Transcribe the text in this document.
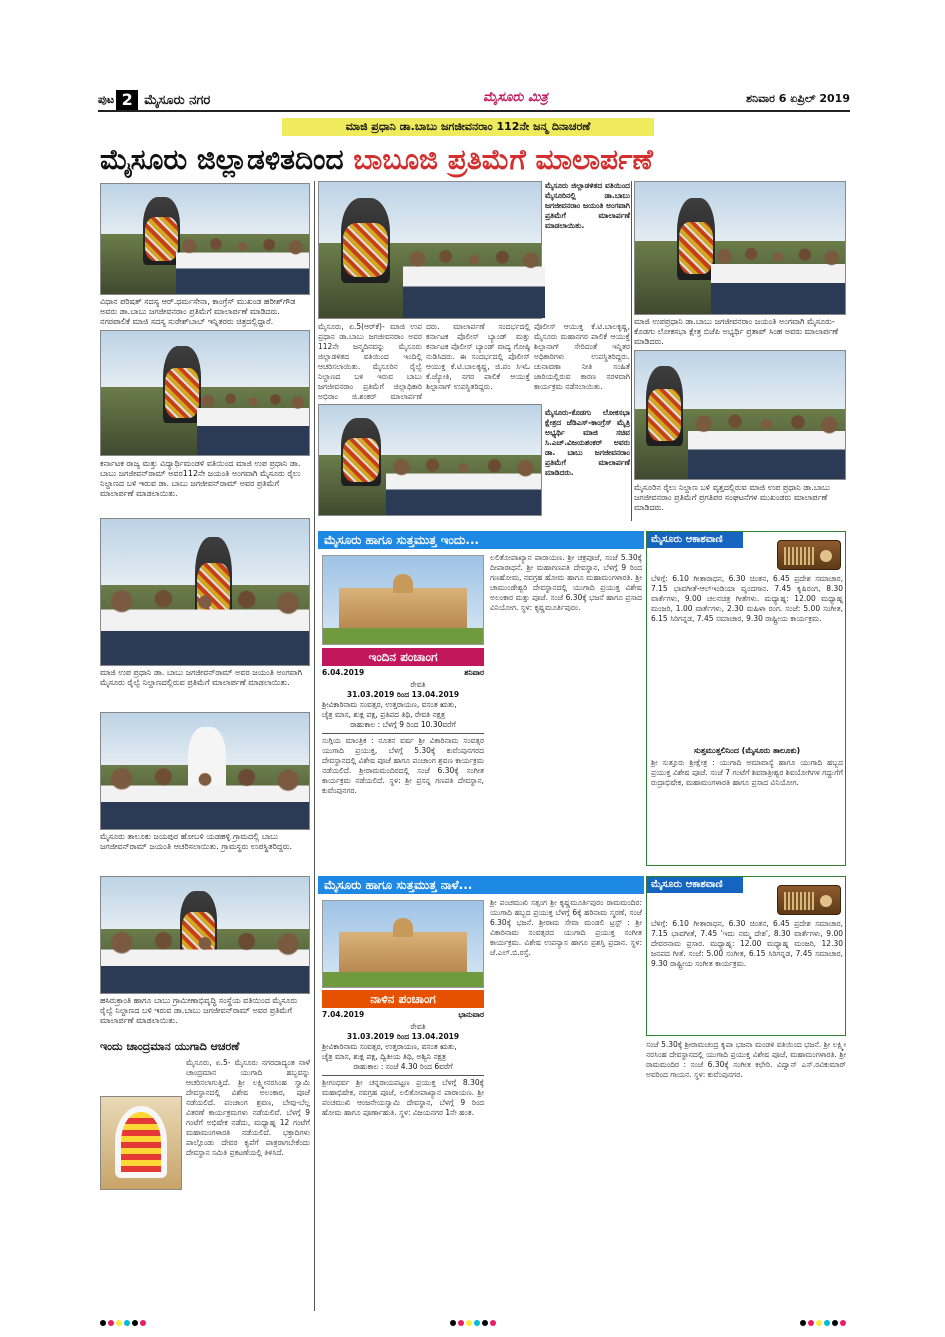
ಪುಟ 2 ಮೈಸೂರು ನಗರ	ಮೈಸೂರು ಮಿತ್ರ	ಶನಿವಾರ 6 ಏಪ್ರಿಲ್ 2019
ಮಾಜಿ ಪ್ರಧಾನಿ ಡಾ.ಬಾಬು ಜಗಜೀವನರಾಂ 112ನೇ ಜನ್ಮ ದಿನಾಚರಣೆ
ಮೈಸೂರು ಜಿಲ್ಲಾಡಳಿತದಿಂದ ಬಾಬೂಜಿ ಪ್ರತಿಮೆಗೆ ಮಾಲಾರ್ಪಣೆ
ವಿಧಾನ ಪರಿಷತ್ ಸದಸ್ಯ ಆರ್.ಧರ್ಮಸೇನಾ, ಕಾಂಗ್ರೆಸ್ ಮುಖಂಡ ಹರೀಶ್‌ಗೌಡ ಅವರು ಡಾ.ಬಾಬು ಜಗಜೀವನರಾಂ ಪ್ರತಿಮೆಗೆ ಮಾಲಾರ್ಪಣೆ ಮಾಡಿದರು. ನಗರಪಾಲಿಕೆ ಮಾಜಿ ಸದಸ್ಯ ಸುರೇಶ್‌ಬಾಬ್ ಇನ್ನಿತರರು ಚಿತ್ರದಲ್ಲಿದ್ದಾರೆ.
ಮೈಸೂರು ಜಿಲ್ಲಾಡಳಿತದ ವತಿಯಿಂದ ಮೈಸೂರಿನಲ್ಲಿ ಡಾ.ಬಾಬು ಜಗಜೀವನರಾಂ ಜಯಂತಿ ಅಂಗವಾಗಿ ಪ್ರತಿಮೆಗೆ ಮಾಲಾರ್ಪಣೆ ಮಾಡಲಾಯಿತು.
ಮಾಜಿ ಉಪಪ್ರಧಾನಿ ಡಾ.ಬಾಬು ಜಗಜೀವನರಾಂ ಜಯಂತಿ ಅಂಗವಾಗಿ ಮೈಸೂರು-ಕೊಡಗು ಲೋಕಸಭಾ ಕ್ಷೇತ್ರ ಬಿಜೆಪಿ ಅಭ್ಯರ್ಥಿ ಪ್ರತಾಪ್ ಸಿಂಹ ಅವರು ಮಾಲಾರ್ಪಣೆ ಮಾಡಿದರು.
ಕರ್ನಾಟಕ ರಾಜ್ಯ ಮತ್ತು ವಿದ್ಯಾರ್ಥಿಮಂಡಳಿ ವತಿಯಿಂದ ಮಾಜಿ ಉಪ ಪ್ರಧಾನಿ ಡಾ. ಬಾಬು ಜಗಜೀವನ್‌ರಾಮ್ ಅವರ112ನೇ ಜಯಂತಿ ಅಂಗವಾಗಿ ಮೈಸೂರು ರೈಲು ನಿಲ್ದಾಣದ ಬಳಿ ಇರುವ ಡಾ. ಬಾಬು ಜಗಜೀವನ್‌ರಾಮ್ ಅವರ ಪ್ರತಿಮೆಗೆ ಮಾಲಾರ್ಪಣೆ ಮಾಡಲಾಯಿತು.
ಮೈಸೂರು, ಏ.5(ಆರ್‌ಕೆ)- ಮಾಜಿ ಉಪ ಪ್ರಧಾನ ಡಾ.ಬಾಬು ಜಗಜೀವನರಾಂ ಅವರ 112ನೇ ಜನ್ಮದಿನವನ್ನು ಮೈಸೂರು ಜಿಲ್ಲಾಡಳಿತದ ವತಿಯಿಂದ ಇಂದಿಲ್ಲಿ ಆಚರಿಸಲಾಯಿತು. ಮೈಸೂರಿನ ರೈಲ್ವೆ ನಿಲ್ದಾಣದ ಬಳಿ ಇರುವ ಬಾಬು ಜಗಜೀವನರಾಂ ಪ್ರತಿಮೆಗೆ ಜಿಲ್ಲಾಧಿಕಾರಿ ಅಭಿರಾಂ ಜಿ.ಶಂಕರ್ ಮಾಲಾರ್ಪಣೆ
ದರು. ಮಾಲಾರ್ಪಣೆ ಸಂದರ್ಭದಲ್ಲಿ ಕರ್ನಾಟಕ ಪೊಲೀಸ್ ಬ್ಯಾಂಡ್ ಮತ್ತು ಕರ್ನಾಟಕ ಪೊಲೀಸ್ ಬ್ಯಾಂಡ್ ವಾದ್ಯ ಗೋಷ್ಠಿ ನುಡಿಸಿದರು. ಈ ಸಂದರ್ಭದಲ್ಲಿ ಪೊಲೀಸ್ ಆಯುಕ್ತ ಕೆ.ಟಿ.ಬಾಲಕೃಷ್ಣ, ಜಿ.ಪಂ ಸಿಇಓ ಕೆ.ಜ್ಯೋತಿ, ನಗರ ಪಾಲಿಕೆ ಆಯುಕ್ತೆ ಶಿಲ್ಪಾನಾಗ್ ಉಪಸ್ಥಿತರಿದ್ದರು.
ಪೊಲೀಸ್ ಆಯುಕ್ತ ಕೆ.ಟಿ.ಬಾಲಕೃಷ್ಣ, ಮೈಸೂರು ಮಹಾನಗರ ಪಾಲಿಕೆ ಆಯುಕ್ತೆ ಶಿಲ್ಪಾನಾಗ್ ಸೇರಿದಂತೆ ಇನ್ನಿತರ ಅಧಿಕಾರಿಗಳು ಉಪಸ್ಥಿತರಿದ್ದರು. ಚುನಾವಣಾ ನೀತಿ ಸಂಹಿತೆ ಜಾರಿಯಲ್ಲಿರುವ ಕಾರಣ ಸರಳವಾಗಿ ಕಾರ್ಯಕ್ರಮ ನಡೆಸಲಾಯಿತು.
ಮೈಸೂರು-ಕೊಡಗು ಲೋಕಸಭಾ ಕ್ಷೇತ್ರದ ಜೆಡಿಎಸ್-ಕಾಂಗ್ರೆಸ್ ಮೈತ್ರಿ ಅಭ್ಯರ್ಥಿ ಮಾಜಿ ಸಚಿವ ಸಿ.ಎಚ್.ವಿಜಯಶಂಕರ್ ಅವರು ಡಾ. ಬಾಬು ಜಗಜೀವನರಾಂ ಪ್ರತಿಮೆಗೆ ಮಾಲಾರ್ಪಣೆ ಮಾಡಿದರು.
ಮೈಸೂರಿನ ರೈಲು ನಿಲ್ದಾಣ ಬಳಿ ವೃತ್ತದಲ್ಲಿರುವ ಮಾಜಿ ಉಪ ಪ್ರಧಾನಿ ಡಾ.ಬಾಬು ಜಗಜೀವನರಾಂ ಪ್ರತಿಮೆಗೆ ಪ್ರಗತಿಪರ ಸಂಘಟನೆಗಳ ಮುಖಂಡರು ಮಾಲಾರ್ಪಣೆ ಮಾಡಿದರು.
ಮಾಜಿ ಉಪ ಪ್ರಧಾನಿ ಡಾ. ಬಾಬು ಜಗಜೀವನ್‌ರಾಮ್ ಅವರ ಜಯಂತಿ ಅಂಗವಾಗಿ ಮೈಸೂರು ರೈಲ್ವೆ ನಿಲ್ದಾಣದಲ್ಲಿರುವ ಪ್ರತಿಮೆಗೆ ಮಾಲಾರ್ಪಣೆ ಮಾಡಲಾಯಿತು.
ಮೈಸೂರು ತಾಲೂಕು ಜಯಪುರ ಹೋಬಳಿ ಯಡಹಳ್ಳಿ ಗ್ರಾಮದಲ್ಲಿ ಬಾಬು ಜಗಜೀವನ್‌ರಾಮ್ ಜಯಂತಿ ಆಚರಿಸಲಾಯಿತು. ಗ್ರಾಮಸ್ಥರು ಉಪಸ್ಥಿತರಿದ್ದರು.
ಹಸಿರುಕ್ರಾಂತಿ ಹಾಗೂ ಬಾಬು ಗ್ರಾಮೀಣಾಭಿವೃದ್ಧಿ ಸಂಸ್ಥೆಯ ವತಿಯಿಂದ ಮೈಸೂರು ರೈಲ್ವೆ ನಿಲ್ದಾಣದ ಬಳಿ ಇರುವ ಡಾ.ಬಾಬು ಜಗಜೀವನ್‌ರಾಮ್ ಅವರ ಪ್ರತಿಮೆಗೆ ಮಾಲಾರ್ಪಣೆ ಮಾಡಲಾಯಿತು.
ಇಂದು ಚಾಂದ್ರಮಾನ ಯುಗಾದಿ ಆಚರಣೆ
ಮೈಸೂರು, ಏ.5- ಮೈಸೂರು ನಗರದಾದ್ಯಂತ ನಾಳೆ ಚಾಂದ್ರಮಾನ ಯುಗಾದಿ ಹಬ್ಬವನ್ನು ಆಚರಿಸಲಾಗುತ್ತಿದೆ. ಶ್ರೀ ಲಕ್ಷ್ಮೀನರಸಿಂಹ ಸ್ವಾಮಿ ದೇವಸ್ಥಾನದಲ್ಲಿ ವಿಶೇಷ ಅಲಂಕಾರ, ಪೂಜೆ ನಡೆಯಲಿದೆ. ಪಂಚಾಂಗ ಶ್ರವಣ, ಬೇವು-ಬೆಲ್ಲ ವಿತರಣೆ ಕಾರ್ಯಕ್ರಮಗಳು ನಡೆಯಲಿವೆ. ಬೆಳಗ್ಗೆ 9 ಗಂಟೆಗೆ ಅಭಿಷೇಕ ನಡೆದು, ಮಧ್ಯಾಹ್ನ 12 ಗಂಟೆಗೆ ಮಹಾಮಂಗಳಾರತಿ ನಡೆಯಲಿದೆ. ಭಕ್ತಾದಿಗಳು ಪಾಲ್ಗೊಂಡು ದೇವರ ಕೃಪೆಗೆ ಪಾತ್ರರಾಗಬೇಕೆಂದು ದೇವಸ್ಥಾನ ಸಮಿತಿ ಪ್ರಕಟಣೆಯಲ್ಲಿ ತಿಳಿಸಿದೆ.
ಮೈಸೂರು ಹಾಗೂ ಸುತ್ತಮುತ್ತ ಇಂದು...
ಇಂದಿನ ಪಂಚಾಂಗ
6.04.2019	ಶನಿವಾರ
ರೇವತಿ
31.03.2019 ರಿಂದ 13.04.2019
ಶ್ರೀವಿಕಾರಿನಾಮ ಸಂವತ್ಸರ, ಉತ್ತರಾಯಣ, ವಸಂತ ಋತು,
ಚೈತ್ರ ಮಾಸ, ಶುಕ್ಲ ಪಕ್ಷ, ಪ್ರತಿಪದ ತಿಥಿ, ರೇವತಿ ನಕ್ಷತ್ರ
ರಾಹುಕಾಲ : ಬೆಳಗ್ಗೆ 9 ರಿಂದ 10.30ವರೆಗೆ
ಸುಗ್ಗಿಯ ಮಾಂತ್ರಿಕ : ನೂತನ ವರ್ಷ ಶ್ರೀ ವಿಕಾರಿನಾಮ ಸಂವತ್ಸರ ಯುಗಾದಿ ಪ್ರಯುಕ್ತ, ಬೆಳಗ್ಗೆ 5.30ಕ್ಕೆ ಕುವೆಂಪುನಗರದ ದೇವಸ್ಥಾನದಲ್ಲಿ ವಿಶೇಷ ಪೂಜೆ ಹಾಗೂ ಪಂಚಾಂಗ ಶ್ರವಣ ಕಾರ್ಯಕ್ರಮ ನಡೆಯಲಿದೆ. ಶ್ರೀರಾಮಮಂದಿರದಲ್ಲಿ ಸಂಜೆ 6.30ಕ್ಕೆ ಸಂಗೀತ ಕಾರ್ಯಕ್ರಮ ನಡೆಯಲಿದೆ. ಸ್ಥಳ: ಶ್ರೀ ಪ್ರಸನ್ನ ಗಣಪತಿ ದೇವಸ್ಥಾನ, ಕುವೆಂಪುನಗರ.
ಲಲಿತೋಪಾಖ್ಯಾನ ಪಾರಾಯಣ. ಶ್ರೀ ಚಕ್ರಪೂಜೆ, ಸಂಜೆ 5.30ಕ್ಕೆ ದೀಪಾರಾಧನೆ. ಶ್ರೀ ಮಹಾಗಣಪತಿ ದೇವಸ್ಥಾನ, ಬೆಳಗ್ಗೆ 9 ರಿಂದ ಗಣಹೋಮ, ನವಗ್ರಹ ಹೋಮ ಹಾಗೂ ಮಹಾಮಂಗಳಾರತಿ. ಶ್ರೀ ಚಾಮುಂಡೇಶ್ವರಿ ದೇವಸ್ಥಾನದಲ್ಲಿ ಯುಗಾದಿ ಪ್ರಯುಕ್ತ ವಿಶೇಷ ಅಲಂಕಾರ ಮತ್ತು ಪೂಜೆ. ಸಂಜೆ 6.30ಕ್ಕೆ ಭಜನೆ ಹಾಗೂ ಪ್ರಸಾದ ವಿನಿಯೋಗ. ಸ್ಥಳ: ಕೃಷ್ಣಮೂರ್ತಿಪುರಂ.
ಮೈಸೂರು ಆಕಾಶವಾಣಿ
ಬೆಳಿಗ್ಗೆ: 6.10 ಗೀತಾರಾಧನ, 6.30 ಚಿಂತನ, 6.45 ಪ್ರದೇಶ ಸಮಾಚಾರ, 7.15 ಭಾವಗೀತೆ-ಆಲ್‌ಇಂಡಿಯಾ ವೃಂದಗಾನ. 7.45 ಕೃಷಿರಂಗ, 8.30 ವಾರ್ತೆಗಳು, 9.00 ಚಲನಚಿತ್ರ ಗೀತೆಗಳು. ಮಧ್ಯಾಹ್ನ: 12.00 ಮಧ್ಯಾಹ್ನ ಮಂಜರಿ, 1.00 ವಾರ್ತೆಗಳು, 2.30 ಮಹಿಳಾ ರಂಗ. ಸಂಜೆ: 5.00 ಸಂಗೀತ, 6.15 ಸಿರಿಗನ್ನಡ, 7.45 ಸಮಾಚಾರ, 9.30 ರಾಷ್ಟ್ರೀಯ ಕಾರ್ಯಕ್ರಮ.
ಸುತ್ತಮುತ್ತಲಿನಿಂದ (ಮೈಸೂರು ತಾಲೂಕು)
ಶ್ರೀ ಸುತ್ತೂರು ಶ್ರೀಕ್ಷೇತ್ರ : ಯುಗಾದಿ ಅಮಾವಾಸ್ಯೆ ಹಾಗೂ ಯುಗಾದಿ ಹಬ್ಬದ ಪ್ರಯುಕ್ತ ವಿಶೇಷ ಪೂಜೆ. ಸಂಜೆ 7 ಗಂಟೆಗೆ ಶಿವರಾತ್ರೀಶ್ವರ ಶಿವಯೋಗಿಗಳ ಗದ್ದುಗೆಗೆ ರುದ್ರಾಭಿಷೇಕ, ಮಹಾಮಂಗಳಾರತಿ ಹಾಗೂ ಪ್ರಸಾದ ವಿನಿಯೋಗ.
ಮೈಸೂರು ಹಾಗೂ ಸುತ್ತಮುತ್ತ ನಾಳೆ...
ನಾಳಿನ ಪಂಚಾಂಗ
7.04.2019	ಭಾನುವಾರ
ರೇವತಿ
31.03.2019 ರಿಂದ 13.04.2019
ಶ್ರೀವಿಕಾರಿನಾಮ ಸಂವತ್ಸರ, ಉತ್ತರಾಯಣ, ವಸಂತ ಋತು,
ಚೈತ್ರ ಮಾಸ, ಶುಕ್ಲ ಪಕ್ಷ, ದ್ವಿತೀಯ ತಿಥಿ, ಅಶ್ವಿನಿ ನಕ್ಷತ್ರ
ರಾಹುಕಾಲ : ಸಂಜೆ 4.30 ರಿಂದ 6ವರೆಗೆ
ಶ್ರೀಗಂಧರ್ವ ಶ್ರೀ ಚನ್ನರಾಯಪಟ್ಟಣ ಪ್ರಯುಕ್ತ ಬೆಳಗ್ಗೆ 8.30ಕ್ಕೆ ಮಹಾಭಿಷೇಕ, ನವಗ್ರಹ ಪೂಜೆ, ಲಲಿತೋಪಾಖ್ಯಾನ ಪಾರಾಯಣ. ಶ್ರೀ ಪಂಚಮುಖಿ ಆಂಜನೇಯಸ್ವಾಮಿ ದೇವಸ್ಥಾನ, ಬೆಳಗ್ಗೆ 9 ರಿಂದ ಹೋಮ ಹಾಗೂ ಪೂರ್ಣಾಹುತಿ. ಸ್ಥಳ: ವಿಜಯನಗರ 1ನೇ ಹಂತ.
ಶ್ರೀ ಪಂಚಮುಖಿ ಸತ್ಸಂಗ ಶ್ರೀ ಕೃಷ್ಣಮೂರ್ತಿಪುರಂ ರಾಮಮಂದಿರ: ಯುಗಾದಿ ಹಬ್ಬದ ಪ್ರಯುಕ್ತ ಬೆಳಗ್ಗೆ 6ಕ್ಕೆ ಹರಿನಾಮ ಸ್ಮರಣೆ, ಸಂಜೆ 6.30ಕ್ಕೆ ಭಜನೆ. ಶ್ರೀರಾಮ ಸೇವಾ ಮಂಡಲಿ ಟ್ರಸ್ಟ್ : ಶ್ರೀ ವಿಕಾರಿನಾಮ ಸಂವತ್ಸರದ ಯುಗಾದಿ ಪ್ರಯುಕ್ತ ಸಂಗೀತ ಕಾರ್ಯಕ್ರಮ. ವಿಶೇಷ ಉಪನ್ಯಾಸ ಹಾಗೂ ಪ್ರಶಸ್ತಿ ಪ್ರದಾನ. ಸ್ಥಳ: ಜೆ.ಎಲ್.ಬಿ.ರಸ್ತೆ.
ಮೈಸೂರು ಆಕಾಶವಾಣಿ
ಬೆಳಿಗ್ಗೆ: 6.10 ಗೀತಾರಾಧನ, 6.30 ಚಿಂತನ, 6.45 ಪ್ರದೇಶ ಸಮಾಚಾರ, 7.15 ಭಾವಗೀತೆ, 7.45 'ಇದು ನಮ್ಮ ದೇಶ', 8.30 ವಾರ್ತೆಗಳು, 9.00 ದೇವರನಾಮ ಪ್ರಸಾರ. ಮಧ್ಯಾಹ್ನ: 12.00 ಮಧ್ಯಾಹ್ನ ಮಂಜರಿ, 12.30 ಜನಪದ ಗೀತೆ. ಸಂಜೆ: 5.00 ಸಂಗೀತ, 6.15 ಸಿರಿಗನ್ನಡ, 7.45 ಸಮಾಚಾರ, 9.30 ರಾಷ್ಟ್ರೀಯ ಸಂಗೀತ ಕಾರ್ಯಕ್ರಮ.
ಸಂಜೆ 5.30ಕ್ಕೆ ಶ್ರೀರಾಮಚಂದ್ರ ಕೃಪಾ ಭಜನಾ ಮಂಡಳಿ ವತಿಯಿಂದ ಭಜನೆ. ಶ್ರೀ ಲಕ್ಷ್ಮೀ ನರಸಿಂಹ ದೇವಸ್ಥಾನದಲ್ಲಿ ಯುಗಾದಿ ಪ್ರಯುಕ್ತ ವಿಶೇಷ ಪೂಜೆ, ಮಹಾಮಂಗಳಾರತಿ. ಶ್ರೀ ರಾಮಮಂದಿರ : ಸಂಜೆ 6.30ಕ್ಕೆ ಸಂಗೀತ ಕಛೇರಿ. ವಿದ್ವಾನ್ ಎಸ್.ರವಿಕುಮಾರ್ ಅವರಿಂದ ಗಾಯನ. ಸ್ಥಳ: ಕುವೆಂಪುನಗರ.
